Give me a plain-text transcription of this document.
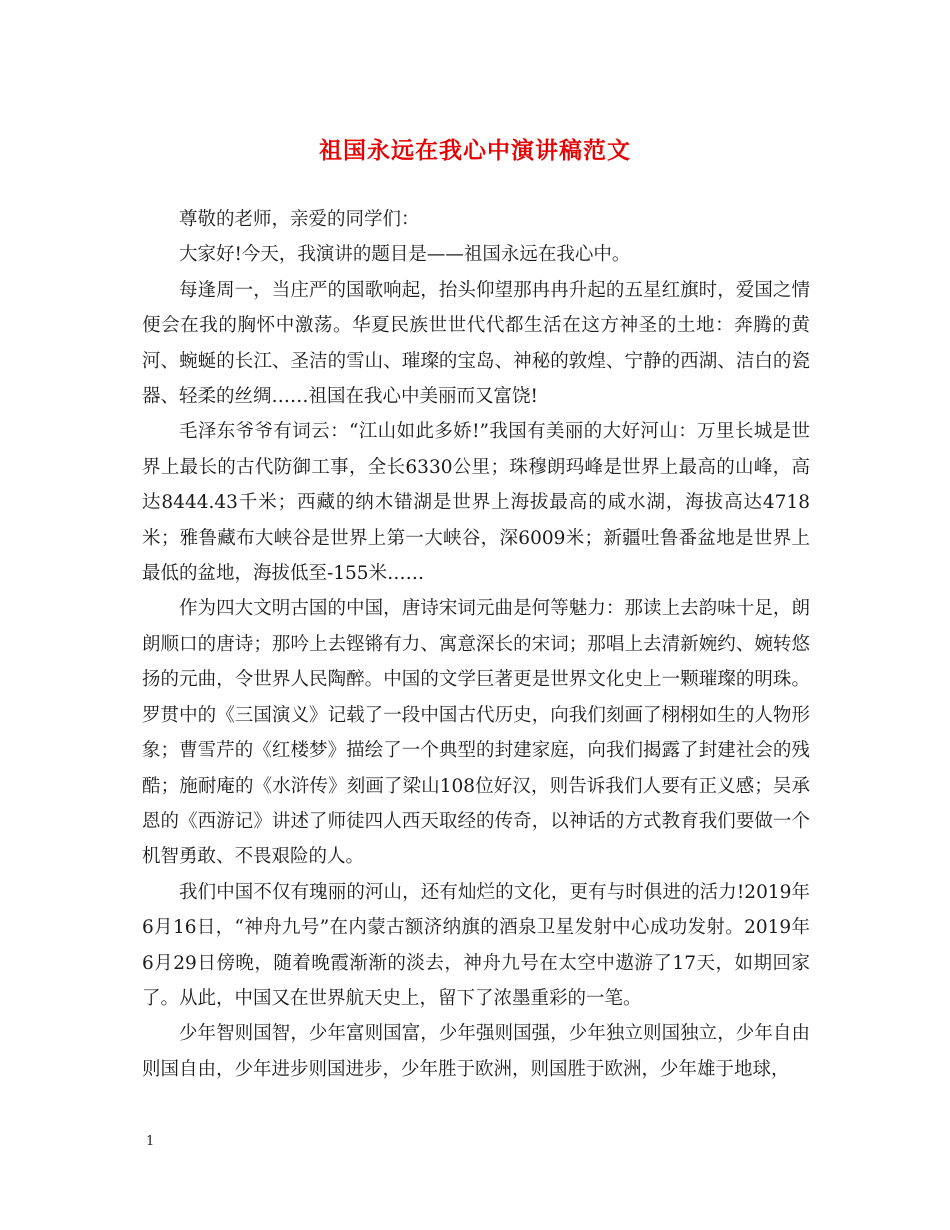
祖国永远在我心中演讲稿范文

尊敬的老师，亲爱的同学们：

大家好!今天，我演讲的题目是——祖国永远在我心中。

每逢周一，当庄严的国歌响起，抬头仰望那冉冉升起的五星红旗时，爱国之情便会在我的胸怀中激荡。华夏民族世世代代都生活在这方神圣的土地：奔腾的黄河、蜿蜒的长江、圣洁的雪山、璀璨的宝岛、神秘的敦煌、宁静的西湖、洁白的瓷器、轻柔的丝绸……祖国在我心中美丽而又富饶!

毛泽东爷爷有词云：“江山如此多娇!”我国有美丽的大好河山：万里长城是世界上最长的古代防御工事，全长6330公里；珠穆朗玛峰是世界上最高的山峰，高达8444.43千米；西藏的纳木错湖是世界上海拔最高的咸水湖，海拔高达4718米；雅鲁藏布大峡谷是世界上第一大峡谷，深6009米；新疆吐鲁番盆地是世界上最低的盆地，海拔低至-155米……

作为四大文明古国的中国，唐诗宋词元曲是何等魅力：那读上去韵味十足，朗朗顺口的唐诗；那吟上去铿锵有力、寓意深长的宋词；那唱上去清新婉约、婉转悠扬的元曲，令世界人民陶醉。中国的文学巨著更是世界文化史上一颗璀璨的明珠。罗贯中的《三国演义》记载了一段中国古代历史，向我们刻画了栩栩如生的人物形象；曹雪芹的《红楼梦》描绘了一个典型的封建家庭，向我们揭露了封建社会的残酷；施耐庵的《水浒传》刻画了梁山108位好汉，则告诉我们人要有正义感；吴承恩的《西游记》讲述了师徒四人西天取经的传奇，以神话的方式教育我们要做一个机智勇敢、不畏艰险的人。

我们中国不仅有瑰丽的河山，还有灿烂的文化，更有与时俱进的活力!2019年6月16日，“神舟九号”在内蒙古额济纳旗的酒泉卫星发射中心成功发射。2019年6月29日傍晚，随着晚霞渐渐的淡去，神舟九号在太空中遨游了17天，如期回家了。从此，中国又在世界航天史上，留下了浓墨重彩的一笔。

少年智则国智，少年富则国富，少年强则国强，少年独立则国独立，少年自由则国自由，少年进步则国进步，少年胜于欧洲，则国胜于欧洲，少年雄于地球，

1
